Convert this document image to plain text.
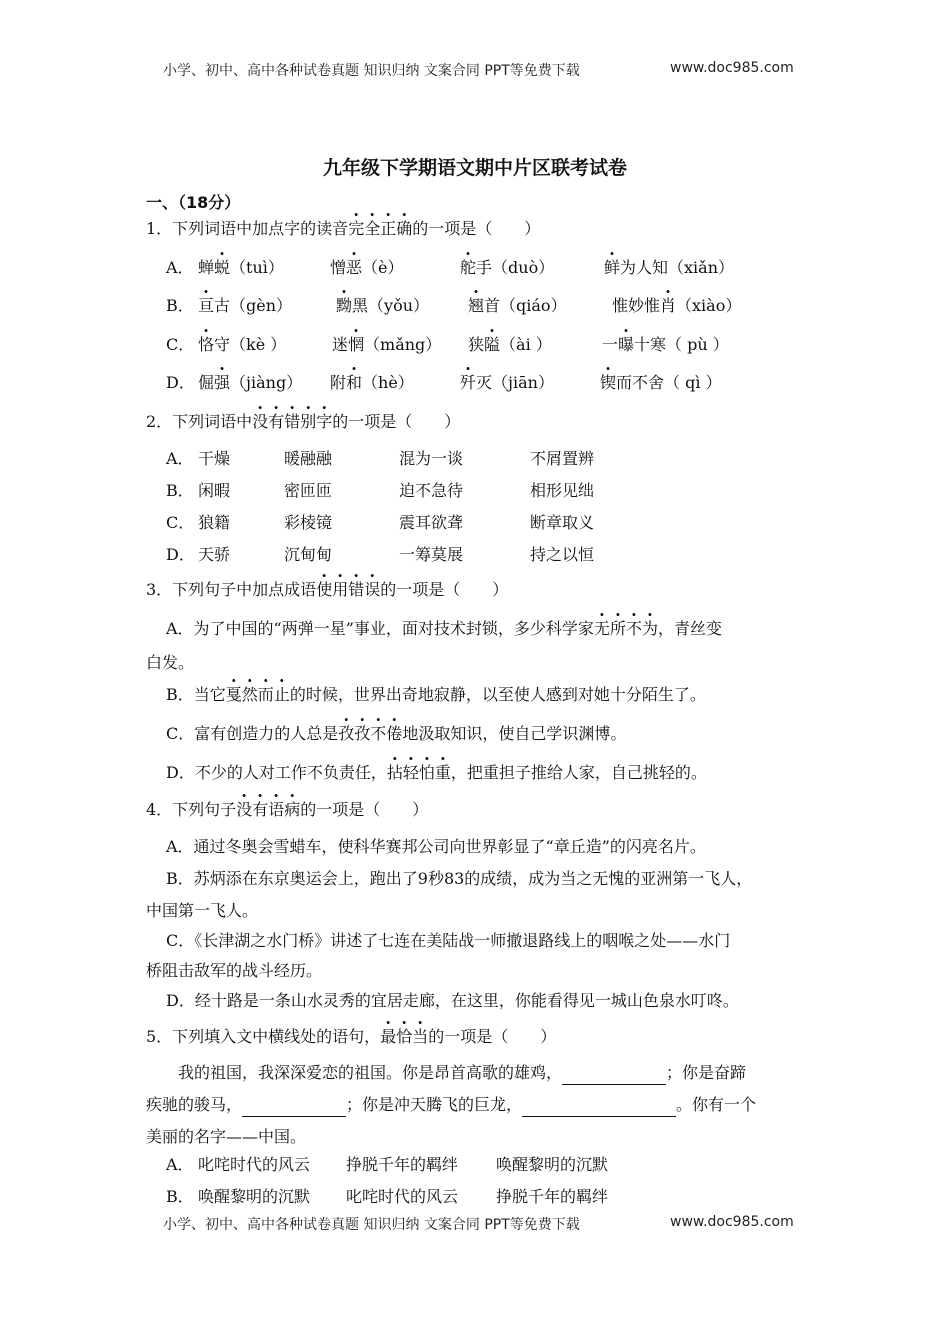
小学、初中、高中各种试卷真题 知识归纳 文案合同 PPT等免费下载	www.doc985.com
九年级下学期语文期中片区联考试卷
一、（18分）
1．下列词语中加点字的读音完全正确的一项是（　　）
A． 蝉蜕（tuì）	憎恶（è）	舵手（duò）	鲜为人知（xiǎn）
B． 亘古（gèn）	黝黑（yǒu） 翘首（qiáo）	惟妙惟肖（xiào）
C． 恪守（kè ）	迷惘（mǎng） 狭隘（ài ）	一曝十寒（ pù ）
D． 倔强（jiàng） 附和（hè）	歼灭（jiān）	锲而不舍（ qì ）
2．下列词语中没有错别字的一项是（　　）
A． 干燥	暖融融	混为一谈	不屑置辨
B． 闲暇	密匝匝	迫不急待	相形见绌
C． 狼籍	彩棱镜	震耳欲聋	断章取义
D． 天骄	沉甸甸	一筹莫展	持之以恒
3．下列句子中加点成语使用错误的一项是（　　）
A．为了中国的“两弹一星”事业，面对技术封锁，多少科学家无所不为，青丝变
白发。
B．当它戛然而止的时候，世界出奇地寂静，以至使人感到对她十分陌生了。
C．富有创造力的人总是孜孜不倦地汲取知识，使自己学识渊博。
D．不少的人对工作不负责任，拈轻怕重，把重担子推给人家，自己挑轻的。
4．下列句子没有语病的一项是（　　）
A．通过冬奥会雪蜡车，使科华赛邦公司向世界彰显了“章丘造”的闪亮名片。
B．苏炳添在东京奥运会上，跑出了9秒83的成绩，成为当之无愧的亚洲第一飞人，
中国第一飞人。
C．《长津湖之水门桥》讲述了七连在美陆战一师撤退路线上的咽喉之处——水门
桥阻击敌军的战斗经历。
D．经十路是一条山水灵秀的宜居走廊，在这里，你能看得见一城山色泉水叮咚。
5．下列填入文中横线处的语句，最恰当的一项是（　　）
我的祖国，我深深爱恋的祖国。你是昂首高歌的雄鸡，	；你是奋蹄
疾驰的骏马，	；你是冲天腾飞的巨龙，	。你有一个
美丽的名字——中国。
A． 叱咤时代的风云 挣脱千年的羁绊 唤醒黎明的沉默
B． 唤醒黎明的沉默 叱咤时代的风云 挣脱千年的羁绊
小学、初中、高中各种试卷真题 知识归纳 文案合同 PPT等免费下载	www.doc985.com
